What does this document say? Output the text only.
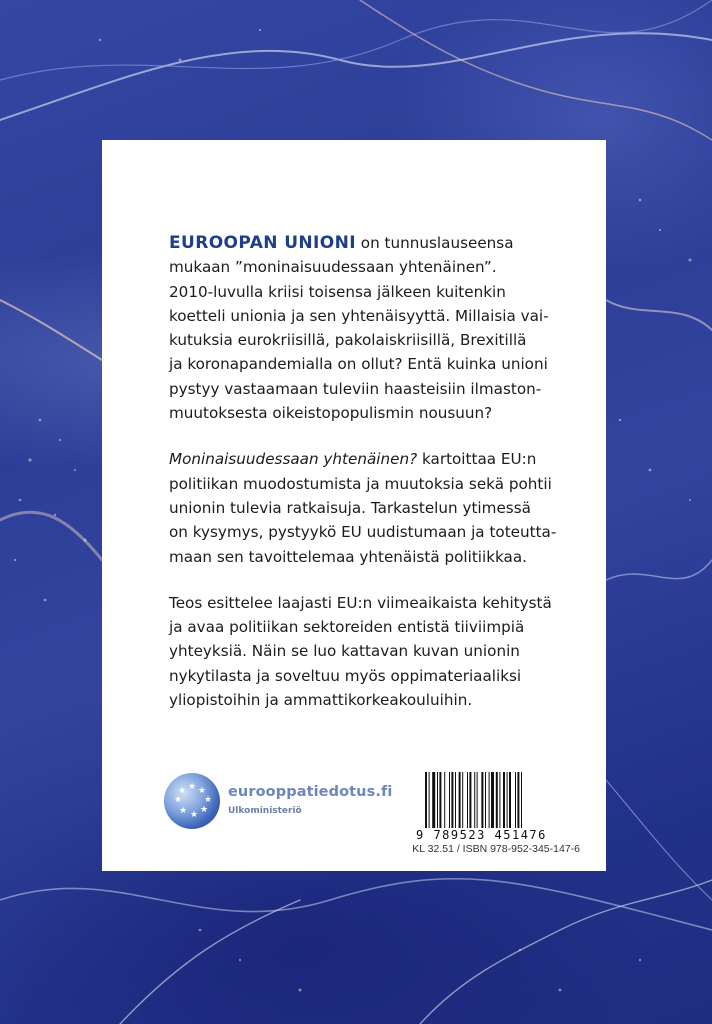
EUROOPAN UNIONI on tunnuslauseensa
mukaan ”moninaisuudessaan yhtenäinen”.
2010-luvulla kriisi toisensa jälkeen kuitenkin
koetteli unionia ja sen yhtenäisyyttä. Millaisia vai-
kutuksia eurokriisillä, pakolaiskriisillä, Brexitillä
ja koronapandemialla on ollut? Entä kuinka unioni
pystyy vastaamaan tuleviin haasteisiin ilmaston-
muutoksesta oikeistopopulismin nousuun?

Moninaisuudessaan yhtenäinen? kartoittaa EU:n
politiikan muodostumista ja muutoksia sekä pohtii
unionin tulevia ratkaisuja. Tarkastelun ytimessä
on kysymys, pystyykö EU uudistumaan ja toteutta-
maan sen tavoittelemaa yhtenäistä politiikkaa.

Teos esittelee laajasti EU:n viimeaikaista kehitystä
ja avaa politiikan sektoreiden entistä tiiviimpiä
yhteyksiä. Näin se luo kattavan kuvan unionin
nykytilasta ja soveltuu myös oppimateriaaliksi
yliopistoihin ja ammattikorkeakouluihin.

★ ★
★
★
★
★
★
★	eurooppatiedotus.fi
Ulkoministeriö
9 789523 451476
KL 32.51 / ISBN 978-952-345-147-6
